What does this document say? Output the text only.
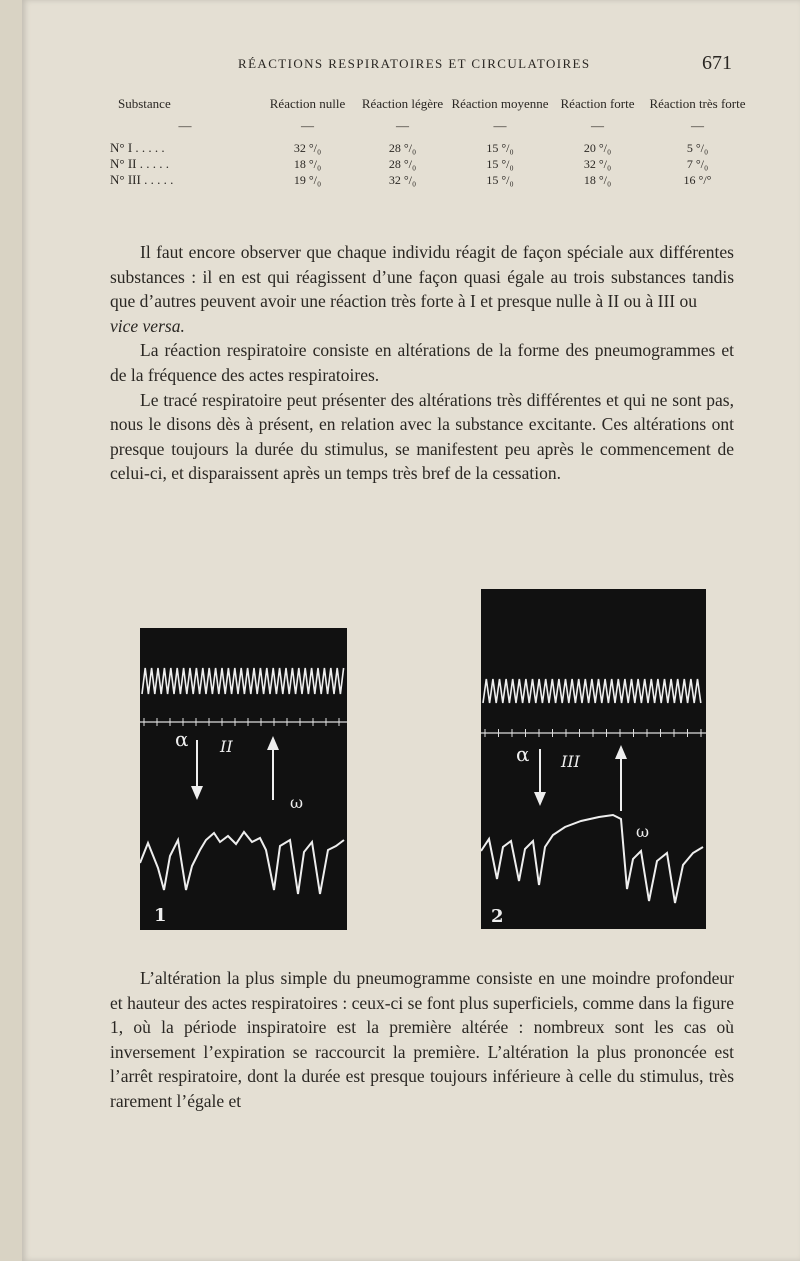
RÉACTIONS RESPIRATOIRES ET CIRCULATOIRES	671
Substance	Réaction nulle	Réaction légère	Réaction moyenne	Réaction forte	Réaction très forte
—	—	—	—	—	—
N° I . . . . .	32 °/₀	28 °/₀	15 °/₀	20 °/₀	5 °/₀
N° II . . . . .	18 °/₀	28 °/₀	15 °/₀	32 °/₀	7 °/₀
N° III . . . . .	19 °/₀	32 °/₀	15 °/₀	18 °/₀	16 °/°

Il faut encore observer que chaque individu réagit de façon spéciale aux différentes substances : il en est qui réagissent d’une façon quasi égale au trois substances tandis que d’autres peuvent avoir une réaction très forte à I et presque nulle à II ou à III ou

vice versa.

La réaction respiratoire consiste en altérations de la forme des pneumogrammes et de la fréquence des actes respiratoires.

Le tracé respiratoire peut présenter des altérations très différentes et qui ne sont pas, nous le disons dès à présent, en relation avec la substance excitante. Ces altérations ont presque toujours la durée du stimulus, se manifestent peu après le commencement de celui-ci, et disparaissent après un temps très bref de la cessation.

α II
ω
1
α III
ω
2

L’altération la plus simple du pneumogramme consiste en une moindre profondeur et hauteur des actes respiratoires : ceux-ci se font plus superficiels, comme dans la figure 1, où la période inspiratoire est la première altérée : nombreux sont les cas où inversement l’expiration se raccourcit la première. L’altération la plus prononcée est l’arrêt respiratoire, dont la durée est presque toujours inférieure à celle du stimulus, très rarement l’égale et
